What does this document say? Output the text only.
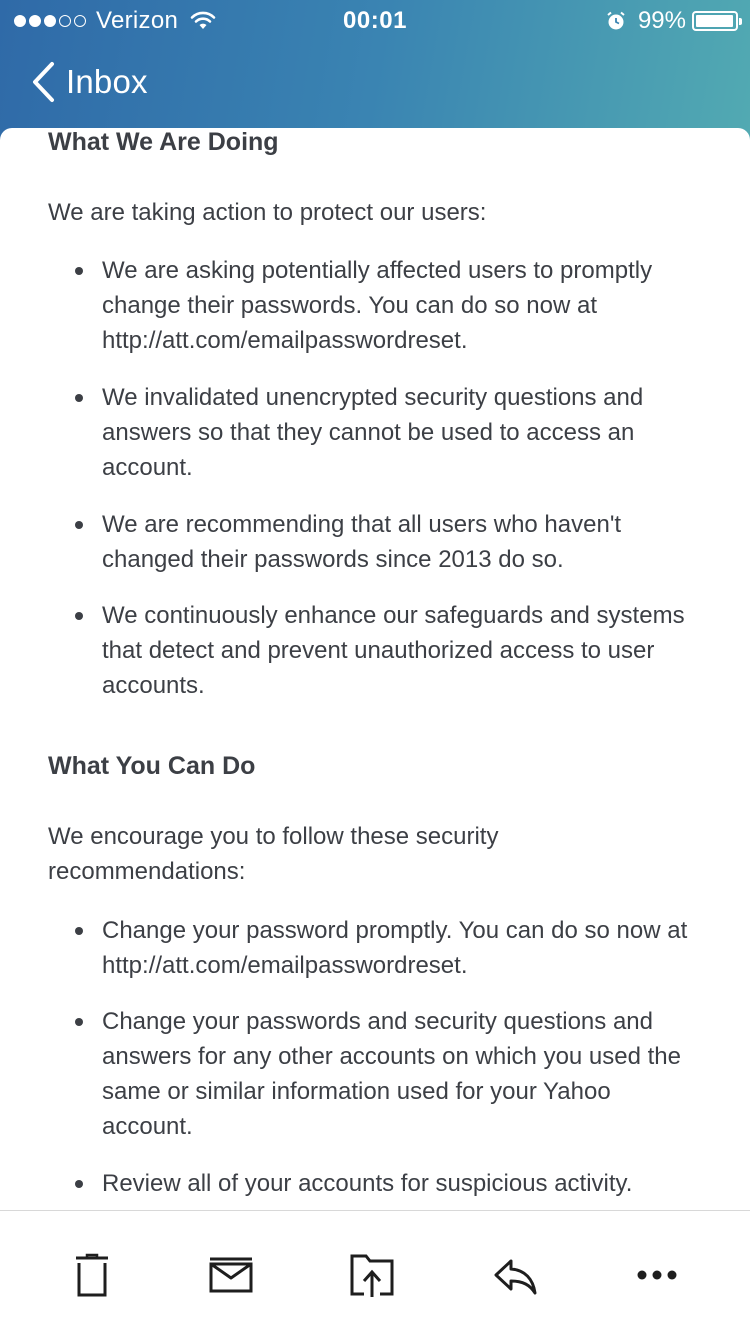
Verizon	00:01	99%
Inbox
What We Are Doing
We are taking action to protect our users:
We are asking potentially affected users to promptly change their passwords. You can do so now at http://att.com/emailpasswordreset.
We invalidated unencrypted security questions and answers so that they cannot be used to access an account.
We are recommending that all users who haven't changed their passwords since 2013 do so.
We continuously enhance our safeguards and systems that detect and prevent unauthorized access to user accounts.
What You Can Do
We encourage you to follow these security recommendations:
Change your password promptly. You can do so now at http://att.com/emailpasswordreset.
Change your passwords and security questions and answers for any other accounts on which you used the same or similar information used for your Yahoo account.
Review all of your accounts for suspicious activity.
